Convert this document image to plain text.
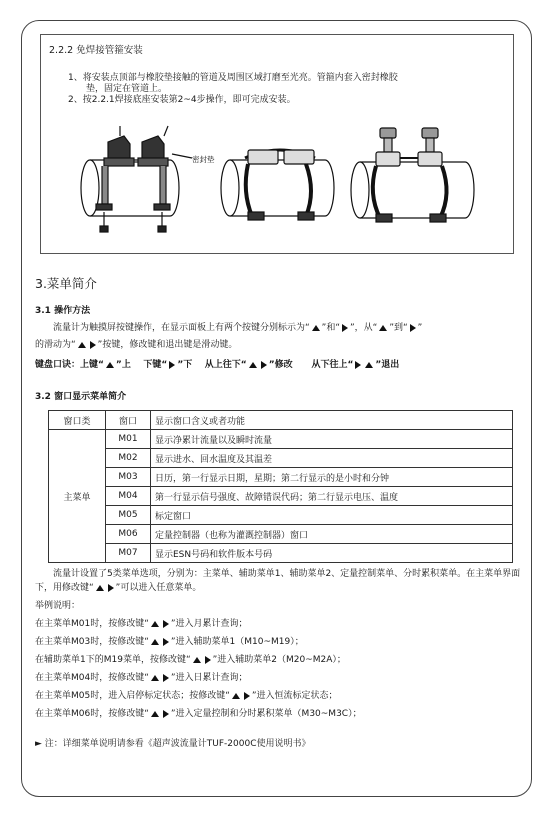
2.2.2 免焊接管箍安装
1、将安装点顶部与橡胶垫接触的管道及周围区域打磨至光亮。管箍内套入密封橡胶
垫，固定在管道上。
2、按2.2.1焊接底座安装第2~4步操作，即可完成安装。
密封垫
3.菜单简介
3.1 操作方法
流量计为触摸屏按键操作，在显示面板上有两个按键分别标示为“ ”和“ ”，从“ ”到“ ”
的滑动为“ ”按键，修改键和退出键是滑动键。
键盘口诀：上键“ ”上 下键“ ”下 从上往下“ ”修改 从下往上“ ”退出
3.2 窗口显示菜单简介
窗口类	窗口	显示窗口含义或者功能
主菜单	M01	显示净累计流量以及瞬时流量
	M02	显示进水、回水温度及其温差
	M03	日历，第一行显示日期，星期；第二行显示的是小时和分钟
	M04	第一行显示信号强度、故障错误代码；第二行显示电压、温度
	M05	标定窗口
	M06	定量控制器（也称为灌溉控制器）窗口
	M07	显示ESN号码和软件版本号码
流量计设置了5类菜单选项，分别为：主菜单、辅助菜单1、辅助菜单2、定量控制菜单、分时累积菜单。在主菜单界面下，用修改键“ ”可以进入任意菜单。
举例说明：
在主菜单M01时，按修改键“ ”进入月累计查询；
在主菜单M03时，按修改键“ ”进入辅助菜单1（M10~M19）；
在辅助菜单1下的M19菜单，按修改键“ ”进入辅助菜单2（M20~M2A）；
在主菜单M04时，按修改键“ ”进入日累计查询；
在主菜单M05时，进入启停标定状态；按修改键“ ”进入恒流标定状态；
在主菜单M06时，按修改键“ ”进入定量控制和分时累积菜单（M30~M3C）；
► 注：详细菜单说明请参看《超声波流量计TUF-2000C使用说明书》
